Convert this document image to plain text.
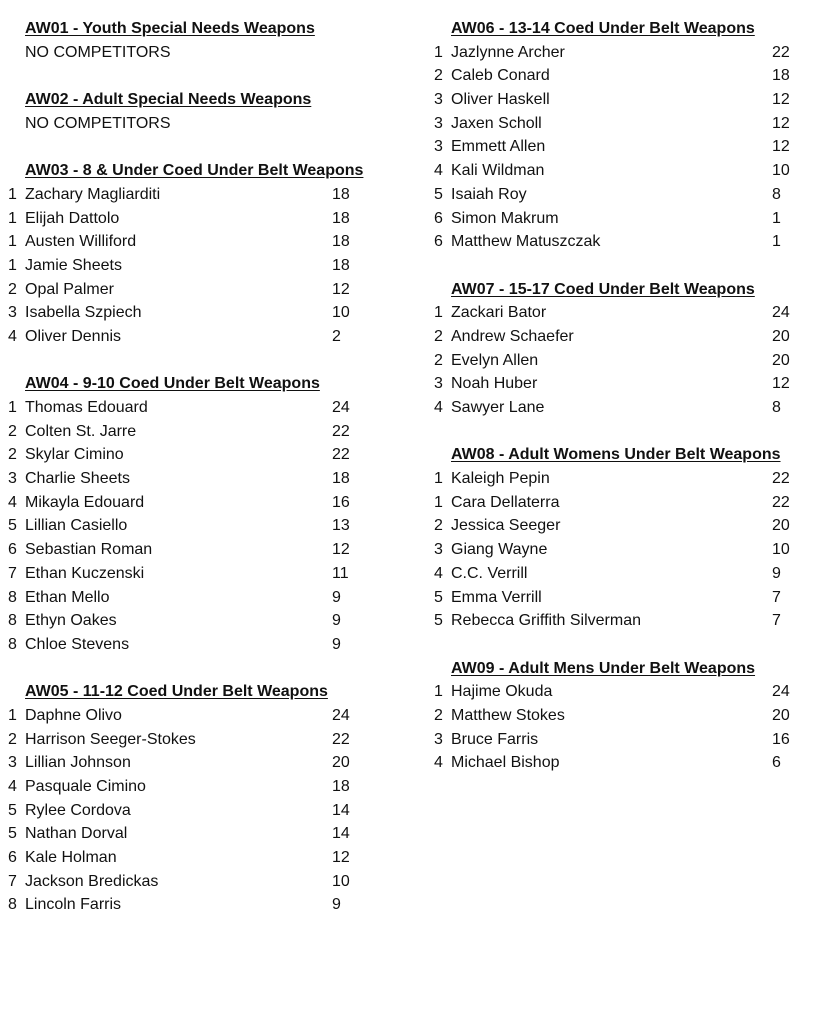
AW01 - Youth Special Needs Weapons
NO COMPETITORS
AW02 - Adult Special Needs Weapons
NO COMPETITORS
AW03 - 8 & Under Coed Under Belt Weapons
1 Zachary Magliarditi	18
1 Elijah Dattolo	18
1 Austen Williford	18
1 Jamie Sheets	18
2 Opal Palmer	12
3 Isabella Szpiech	10
4 Oliver Dennis	2
AW04 - 9-10 Coed Under Belt Weapons
1 Thomas Edouard	24
2 Colten St. Jarre	22
2 Skylar Cimino	22
3 Charlie Sheets	18
4 Mikayla Edouard	16
5 Lillian Casiello	13
6 Sebastian Roman	12
7 Ethan Kuczenski	11
8 Ethan Mello	9
8 Ethyn Oakes	9
8 Chloe Stevens	9
AW05 - 11-12 Coed Under Belt Weapons
1 Daphne Olivo	24
2 Harrison Seeger-Stokes	22
3 Lillian Johnson	20
4 Pasquale Cimino	18
5 Rylee Cordova	14
5 Nathan Dorval	14
6 Kale Holman	12
7 Jackson Bredickas	10
8 Lincoln Farris	9
AW06 - 13-14 Coed Under Belt Weapons
1 Jazlynne Archer	22
2 Caleb Conard	18
3 Oliver Haskell	12
3 Jaxen Scholl	12
3 Emmett Allen	12
4 Kali Wildman	10
5 Isaiah Roy	8
6 Simon Makrum	1
6 Matthew Matuszczak	1
AW07 - 15-17 Coed Under Belt Weapons
1 Zackari Bator	24
2 Andrew Schaefer	20
2 Evelyn Allen	20
3 Noah Huber	12
4 Sawyer Lane	8
AW08 - Adult Womens Under Belt Weapons
1 Kaleigh Pepin	22
1 Cara Dellaterra	22
2 Jessica Seeger	20
3 Giang Wayne	10
4 C.C. Verrill	9
5 Emma Verrill	7
5 Rebecca Griffith Silverman	7
AW09 - Adult Mens Under Belt Weapons
1 Hajime Okuda	24
2 Matthew Stokes	20
3 Bruce Farris	16
4 Michael Bishop	6
